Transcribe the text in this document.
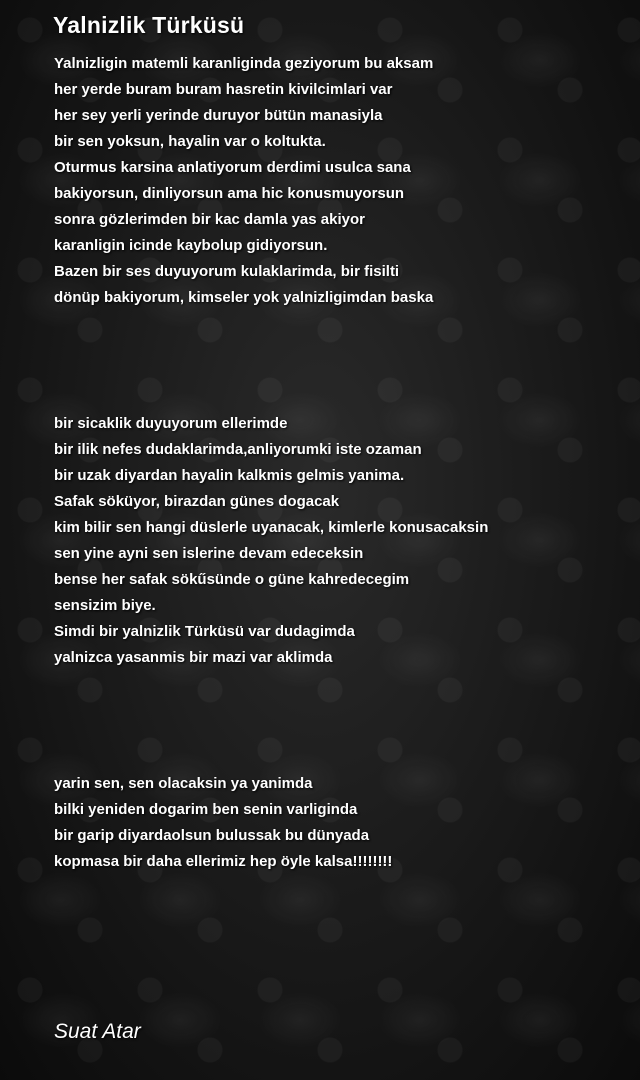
Yalnizlik Türküsü
Yalnizligin matemli karanliginda geziyorum bu aksam
her yerde buram buram hasretin kivilcimlari var
her sey yerli yerinde duruyor bütün manasiyla
bir sen yoksun, hayalin var o koltukta.
Oturmus karsina anlatiyorum derdimi usulca sana
bakiyorsun, dinliyorsun ama hic konusmuyorsun
sonra gözlerimden bir kac damla yas akiyor
karanligin icinde kaybolup gidiyorsun.
Bazen bir ses duyuyorum kulaklarimda, bir fisilti
dönüp bakiyorum, kimseler yok yalnizligimdan baska
bir sicaklik duyuyorum ellerimde
bir ilik nefes dudaklarimda,anliyorumki iste ozaman
bir uzak diyardan hayalin kalkmis gelmis yanima.
Safak söküyor, birazdan günes dogacak
kim bilir sen hangi düslerle uyanacak, kimlerle konusacaksin
sen yine ayni sen islerine devam edeceksin
bense her safak sökűsünde o güne kahredecegim
sensizim biye.
Simdi bir yalnizlik Türküsü var dudagimda
yalnizca yasanmis bir mazi var aklimda
yarin sen, sen olacaksin ya yanimda
bilki yeniden dogarim ben senin varliginda
bir garip diyardaolsun bulussak bu dünyada
kopmasa bir daha ellerimiz hep öyle kalsa!!!!!!!!

Suat Atar
